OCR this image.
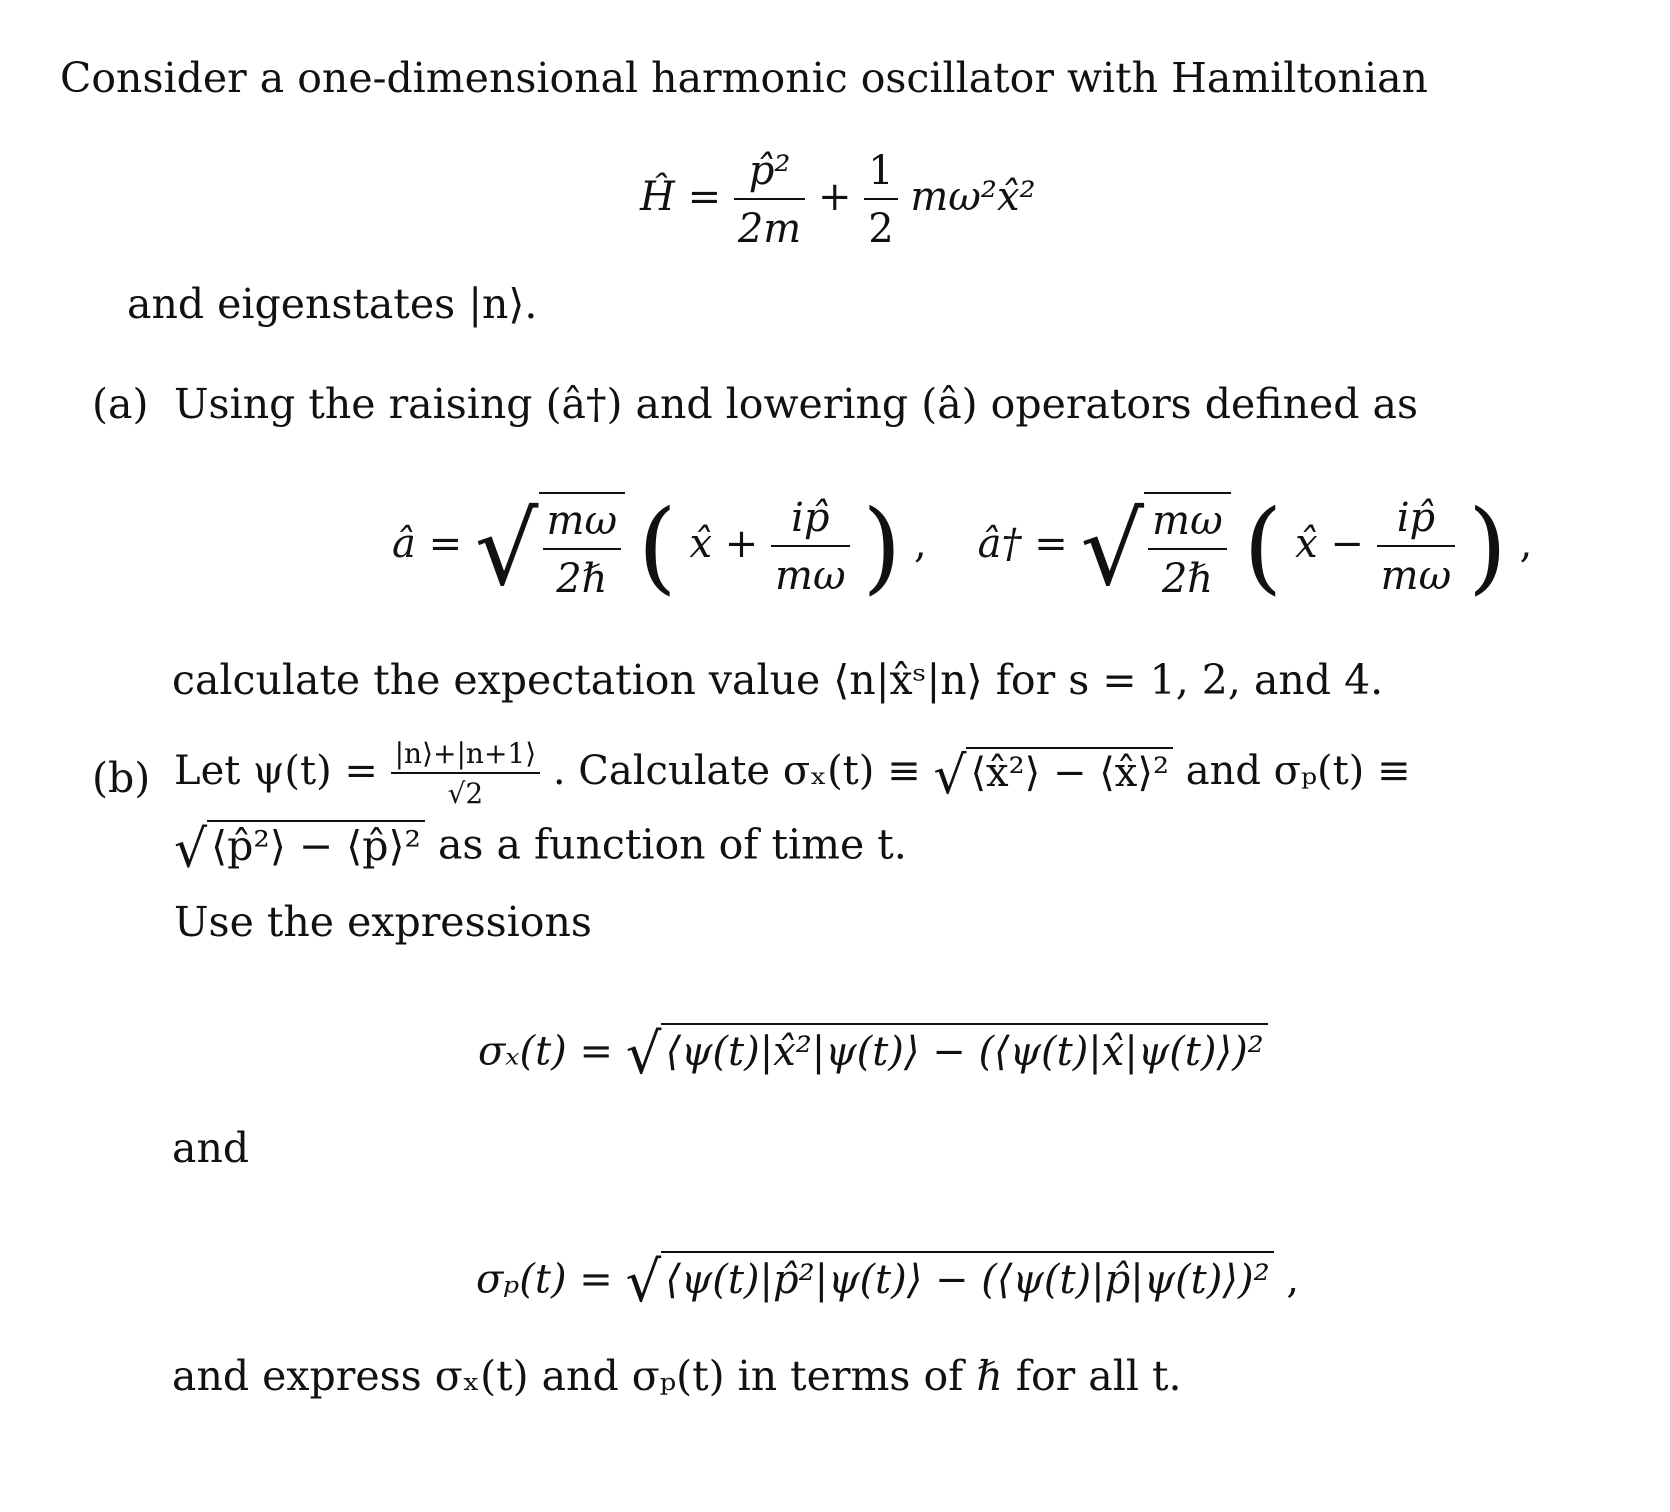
Consider a one-dimensional harmonic oscillator with Hamiltonian
Ĥ = $\frac{\text{p̂²}}{2m} + \frac{1}{2}$ mω²x̂²
and eigenstates |n⟩.
(a) Using the raising (â†) and lowering (â) operators defined as
â = √ $\frac{m\omega}{\text{2ℏ}}$ ( x̂ + $\frac{ip̂}{m\omega}$ ) , â† = √ $\frac{m\omega}{\text{2ℏ}}$ ( x̂ − $\frac{ip̂}{m\omega}$ ) ,
calculate the expectation value ⟨n|x̂ˢ|n⟩ for s = 1, 2, and 4.
(b) Let $\psi(t) = \frac{|n⟩+|n+1⟩}{√2}$ . Calculate σₓ(t) ≡ √ ⟨x̂²⟩ − ⟨x̂⟩² and σₚ(t) ≡
√⟨p̂²⟩ − ⟨p̂⟩² as a function of time t.
Use the expressions
σₓ(t) = √ ⟨ψ(t)|x̂²|ψ(t)⟩ − (⟨ψ(t)|x̂|ψ(t)⟩)²
and
σₚ(t) = √ ⟨ψ(t)|p̂²|ψ(t)⟩ − (⟨ψ(t)|p̂|ψ(t)⟩)² ,
and express σₓ(t) and σₚ(t) in terms of ℏ for all t.
